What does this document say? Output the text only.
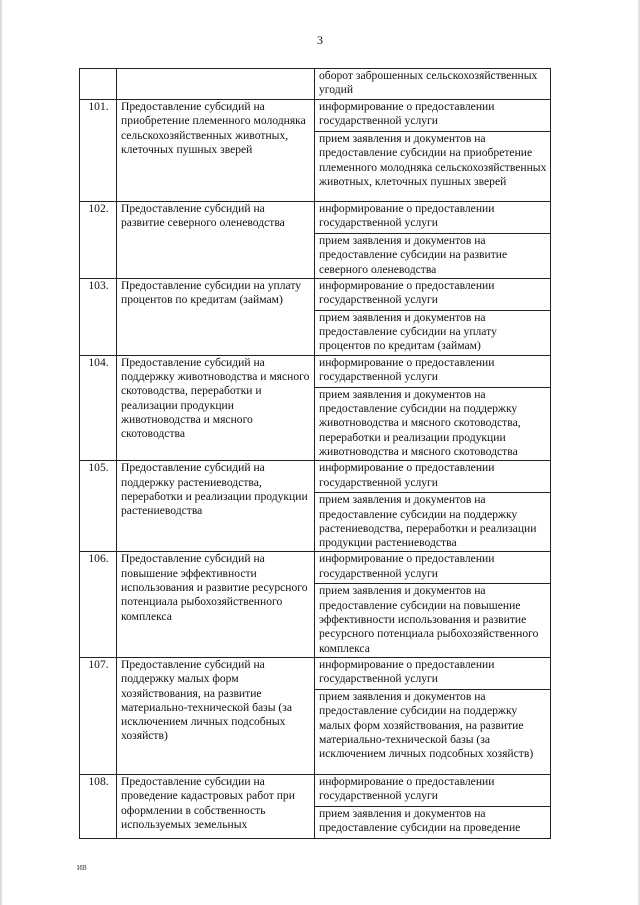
3
		оборот заброшенных сельскохозяйственных угодий
101.	Предоставление субсидий на приобретение племенного молодняка сельскохозяйственных животных, клеточных пушных зверей	информирование о предоставлении государственной услуги
		прием заявления и документов на предоставление субсидии на приобретение племенного молодняка сельскохозяйственных животных, клеточных пушных зверей
102.	Предоставление субсидий на развитие северного оленеводства	информирование о предоставлении государственной услуги
		прием заявления и документов на предоставление субсидии на развитие северного оленеводства
103.	Предоставление субсидии на уплату процентов по кредитам (займам)	информирование о предоставлении государственной услуги
		прием заявления и документов на предоставление субсидии на уплату процентов по кредитам (займам)
104.	Предоставление субсидий на поддержку животноводства и мясного скотоводства, переработки и реализации продукции животноводства и мясного скотоводства	информирование о предоставлении государственной услуги
		прием заявления и документов на предоставление субсидии на поддержку животноводства и мясного скотоводства, переработки и реализации продукции животноводства и мясного скотоводства
105.	Предоставление субсидий на поддержку растениеводства, переработки и реализации продукции растениеводства	информирование о предоставлении государственной услуги
		прием заявления и документов на предоставление субсидии на поддержку растениеводства, переработки и реализации продукции растениеводства
106.	Предоставление субсидий на повышение эффективности использования и развитие ресурсного потенциала рыбохозяйственного комплекса	информирование о предоставлении государственной услуги
		прием заявления и документов на предоставление субсидии на повышение эффективности использования и развитие ресурсного потенциала рыбохозяйственного комплекса
107.	Предоставление субсидий на поддержку малых форм хозяйствования, на развитие материально-технической базы (за исключением личных подсобных хозяйств)	информирование о предоставлении государственной услуги
		прием заявления и документов на предоставление субсидии на поддержку малых форм хозяйствования, на развитие материально-технической базы (за исключением личных подсобных хозяйств)
108.	Предоставление субсидии на проведение кадастровых работ при оформлении в собственность используемых земельных	информирование о предоставлении государственной услуги
		прием заявления и документов на предоставление субсидии на проведение
ИВ
